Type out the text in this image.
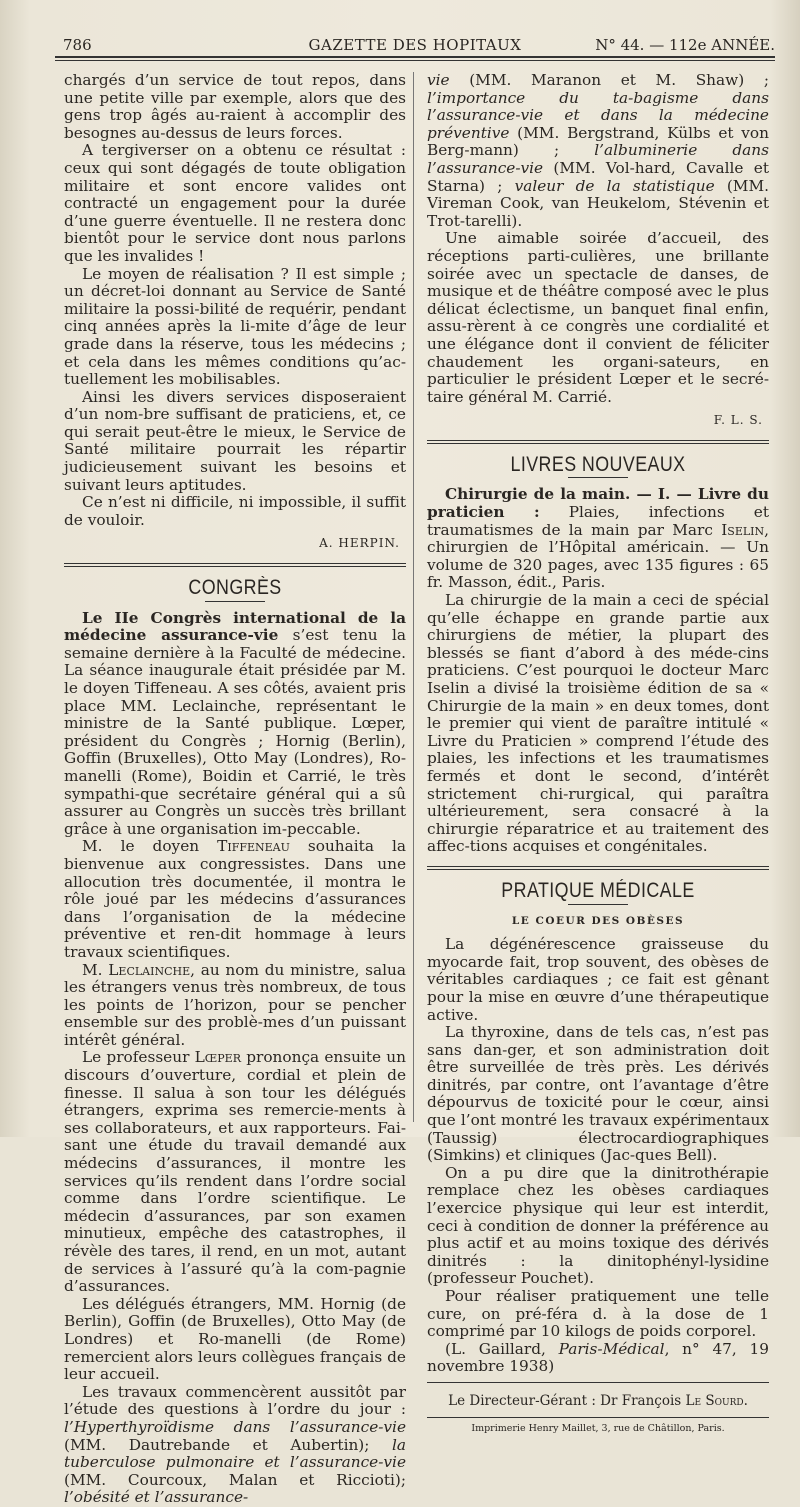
786	GAZETTE DES HOPITAUX	N° 44. — 112e ANNÉE.

chargés d’un service de tout repos, dans une petite ville par exemple, alors que des gens trop âgés au-raient à accomplir des besognes au-dessus de leurs forces.

A tergiverser on a obtenu ce résultat : ceux qui sont dégagés de toute obligation militaire et sont encore valides ont contracté un engagement pour la durée d’une guerre éventuelle. Il ne restera donc bientôt pour le service dont nous parlons que les invalides !

Le moyen de réalisation ? Il est simple ; un décret-loi donnant au Service de Santé militaire la possi-bilité de requérir, pendant cinq années après la li-mite d’âge de leur grade dans la réserve, tous les médecins ; et cela dans les mêmes conditions qu’ac-tuellement les mobilisables.

Ainsi les divers services disposeraient d’un nom-bre suffisant de praticiens, et, ce qui serait peut-être le mieux, le Service de Santé militaire pourrait les répartir judicieusement suivant les besoins et suivant leurs aptitudes.

Ce n’est ni difficile, ni impossible, il suffit de vouloir.

A. HERPIN.
CONGRÈS

Le IIe Congrès international de la médecine assurance-vie s’est tenu la semaine dernière à la Faculté de médecine. La séance inaugurale était présidée par M. le doyen Tiffeneau. A ses côtés, avaient pris place MM. Leclainche, représentant le ministre de la Santé publique. Lœper, président du Congrès ; Hornig (Berlin), Goffin (Bruxelles), Otto May (Londres), Ro-manelli (Rome), Boidin et Carrié, le très sympathi-que secrétaire général qui a sû assurer au Congrès un succès très brillant grâce à une organisation im-peccable.

M. le doyen Tiffeneau souhaita la bienvenue aux congressistes. Dans une allocution très documentée, il montra le rôle joué par les médecins d’assurances dans l’organisation de la médecine préventive et ren-dit hommage à leurs travaux scientifiques.

M. Leclainche, au nom du ministre, salua les étrangers venus très nombreux, de tous les points de l’horizon, pour se pencher ensemble sur des problè-mes d’un puissant intérêt général.

Le professeur Lœper prononça ensuite un discours d’ouverture, cordial et plein de finesse. Il salua à son tour les délégués étrangers, exprima ses remercie-ments à ses collaborateurs, et aux rapporteurs. Fai-sant une étude du travail demandé aux médecins d’assurances, il montre les services qu’ils rendent dans l’ordre social comme dans l’ordre scientifique. Le médecin d’assurances, par son examen minutieux, empêche des catastrophes, il révèle des tares, il rend, en un mot, autant de services à l’assuré qu’à la com-pagnie d’assurances.

Les délégués étrangers, MM. Hornig (de Berlin), Goffin (de Bruxelles), Otto May (de Londres) et Ro-manelli (de Rome) remercient alors leurs collègues français de leur accueil.

Les travaux commencèrent aussitôt par l’étude des questions à l’ordre du jour : l’Hyperthyroïdisme dans l’assurance-vie (MM. Dautrebande et Aubertin); la tuberculose pulmonaire et l’assurance-vie (MM. Courcoux, Malan et Riccioti); l’obésité et l’assurance-

vie (MM. Maranon et M. Shaw) ; l’importance du ta-bagisme dans l’assurance-vie et dans la médecine préventive (MM. Bergstrand, Külbs et von Berg-mann) ; l’albuminerie dans l’assurance-vie (MM. Vol-hard, Cavalle et Starna) ; valeur de la statistique (MM. Vireman Cook, van Heukelom, Stévenin et Trot-tarelli).

Une aimable soirée d’accueil, des réceptions parti-culières, une brillante soirée avec un spectacle de danses, de musique et de théâtre composé avec le plus délicat éclectisme, un banquet final enfin, assu-rèrent à ce congrès une cordialité et une élégance dont il convient de féliciter chaudement les organi-sateurs, en particulier le président Lœper et le secré-taire général M. Carrié.

F. L. S.
LIVRES NOUVEAUX

Chirurgie de la main. — I. — Livre du praticien : Plaies, infections et traumatismes de la main par Marc Iselin, chirurgien de l’Hôpital américain. — Un volume de 320 pages, avec 135 figures : 65 fr. Masson, édit., Paris.

La chirurgie de la main a ceci de spécial qu’elle échappe en grande partie aux chirurgiens de métier, la plupart des blessés se fiant d’abord à des méde-cins praticiens. C’est pourquoi le docteur Marc Iselin a divisé la troisième édition de sa « Chirurgie de la main » en deux tomes, dont le premier qui vient de paraître intitulé « Livre du Praticien » comprend l’étude des plaies, les infections et les traumatismes fermés et dont le second, d’intérêt strictement chi-rurgical, qui paraîtra ultérieurement, sera consacré à la chirurgie réparatrice et au traitement des affec-tions acquises et congénitales.

PRATIQUE MÉDICALE
LE COEUR DES OBÈSES

La dégénérescence graisseuse du myocarde fait, trop souvent, des obèses de véritables cardiaques ; ce fait est gênant pour la mise en œuvre d’une thérapeutique active.

La thyroxine, dans de tels cas, n’est pas sans dan-ger, et son administration doit être surveillée de très près. Les dérivés dinitrés, par contre, ont l’avantage d’être dépourvus de toxicité pour le cœur, ainsi que l’ont montré les travaux expérimentaux (Taussig) électrocardiographiques (Simkins) et cliniques (Jac-ques Bell).

On a pu dire que la dinitrothérapie remplace chez les obèses cardiaques l’exercice physique qui leur est interdit, ceci à condition de donner la préférence au plus actif et au moins toxique des dérivés dinitrés : la dinitophényl-lysidine (professeur Pouchet).

Pour réaliser pratiquement une telle cure, on pré-féra d. à la dose de 1 comprimé par 10 kilogs de poids corporel.

(L. Gaillard, Paris-Médical, n° 47, 19 novembre 1938)

Le Directeur-Gérant : Dr François Le Sourd.
Imprimerie Henry Maillet, 3, rue de Châtillon, Paris.
